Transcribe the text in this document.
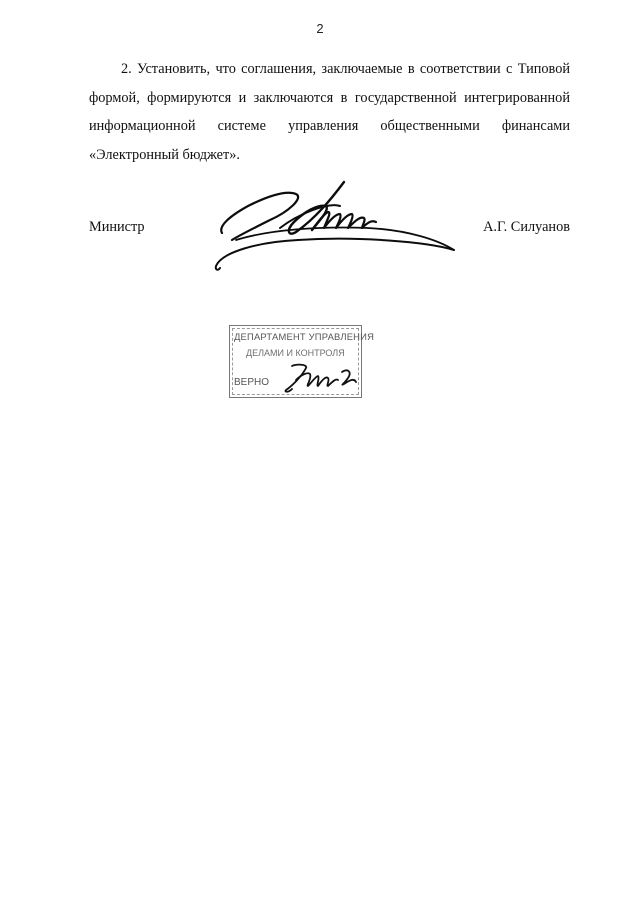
2

2. Установить, что соглашения, заключаемые в соответствии с Типовой формой, формируются и заключаются в государственной интегрированной информационной системе управления общественными финансами «Электронный бюджет».

Министр	А.Г. Силуанов
ДЕПАРТАМЕНТ УПРАВЛЕНИЯ
ДЕЛАМИ И КОНТРОЛЯ
ВЕРНО
